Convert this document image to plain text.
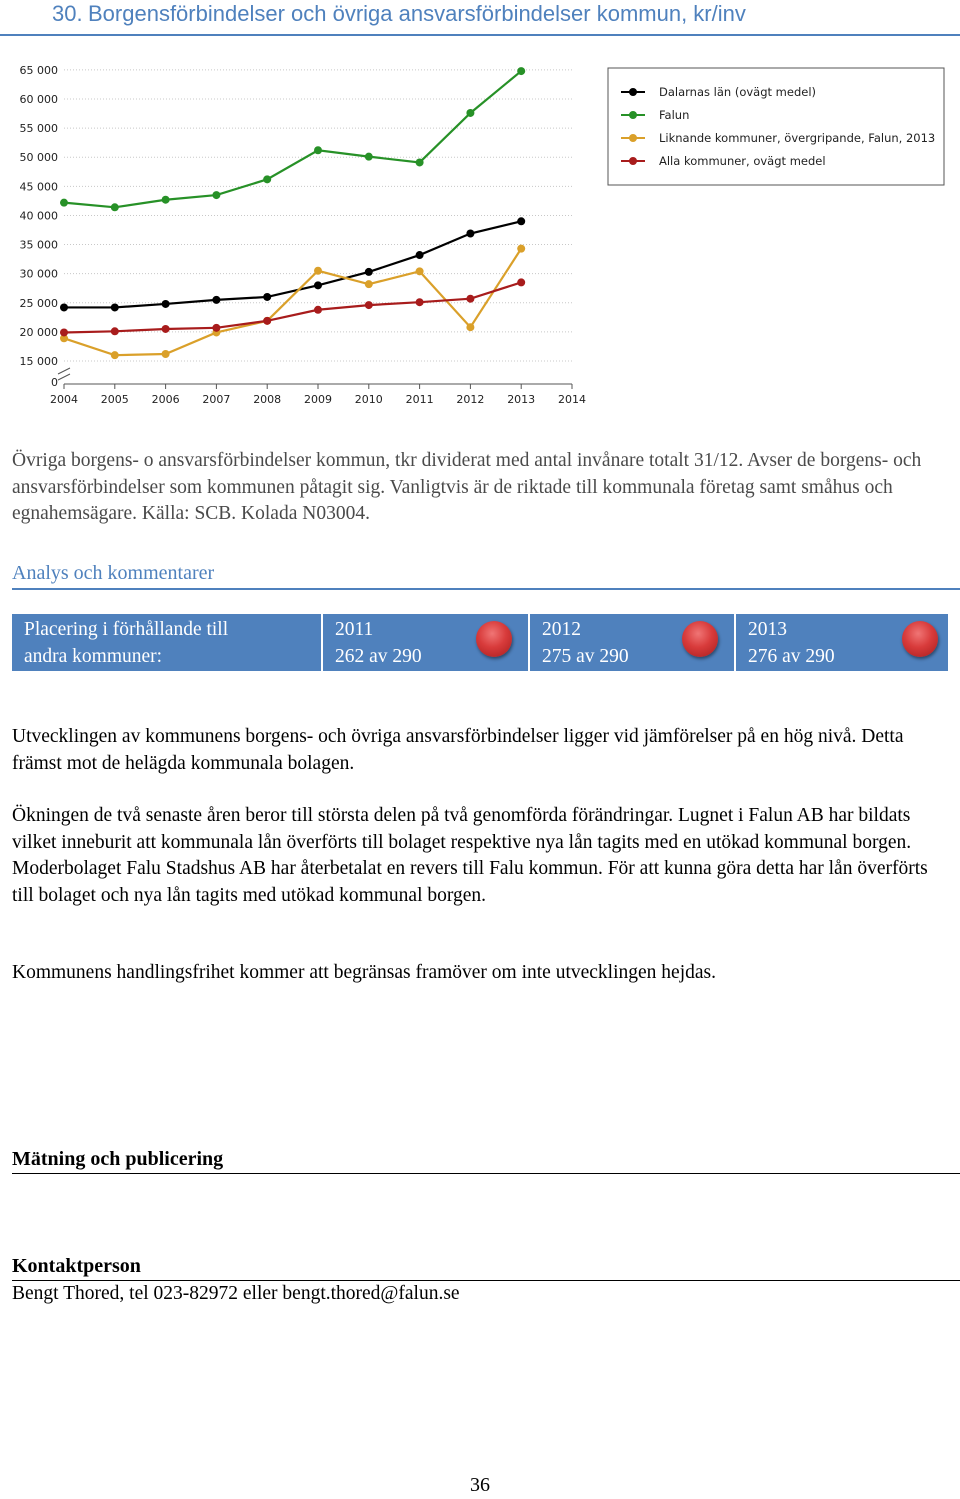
30. Borgensförbindelser och övriga ansvarsförbindelser kommun, kr/inv
0
15 000
20 000
25 000
30 000
35 000
40 000
45 000
50 000
55 000
60 000
65 000
2004 2005 2006 2007 2008 2009 2010 2011 2012 2013 2014
Dalarnas län (ovägt medel)
Falun
Liknande kommuner, övergripande, Falun, 2013
Alla kommuner, ovägt medel

Övriga borgens- o ansvarsförbindelser kommun, tkr dividerat med antal invånare totalt 31/12. Avser de borgens- och ansvarsförbindelser som kommunen påtagit sig. Vanligtvis är de riktade till kommunala företag samt småhus och egnahemsägare. Källa: SCB. Kolada N03004.

Analys och kommentarer
Placering i förhållande till
andra kommuner:
2011
262 av 290
2012
275 av 290
2013
276 av 290

Utvecklingen av kommunens borgens- och övriga ansvarsförbindelser ligger vid jämförelser på en hög nivå. Detta främst mot de helägda kommunala bolagen.

Ökningen de två senaste åren beror till största delen på två genomförda förändringar. Lugnet i Falun AB har bildats vilket inneburit att kommunala lån överförts till bolaget respektive nya lån tagits med en utökad kommunal borgen. Moderbolaget Falu Stadshus AB har återbetalat en revers till Falu kommun. För att kunna göra detta har lån överförts till bolaget och nya lån tagits med utökad kommunal borgen.

Kommunens handlingsfrihet kommer att begränsas framöver om inte utvecklingen hejdas.

Mätning och publicering
Kontaktperson

Bengt Thored, tel 023-82972 eller bengt.thored@falun.se

36
